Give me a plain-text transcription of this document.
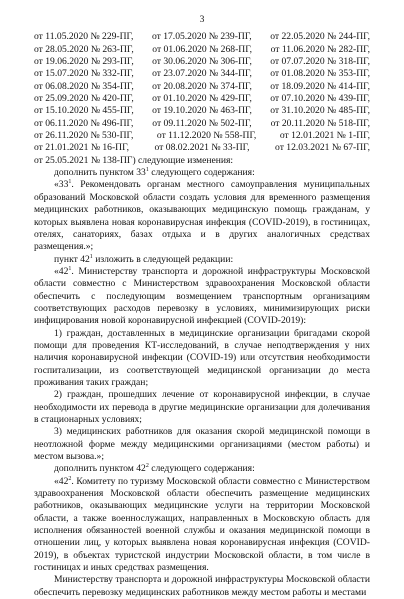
3
от 11.05.2020 № 229-ПГ, от 17.05.2020 № 239-ПГ, от 22.05.2020 № 244-ПГ,
от 28.05.2020 № 263-ПГ, от 01.06.2020 № 268-ПГ, от 11.06.2020 № 282-ПГ,
от 19.06.2020 № 293-ПГ, от 30.06.2020 № 306-ПГ, от 07.07.2020 № 318-ПГ,
от 15.07.2020 № 332-ПГ, от 23.07.2020 № 344-ПГ, от 01.08.2020 № 353-ПГ,
от 06.08.2020 № 354-ПГ, от 20.08.2020 № 374-ПГ, от 18.09.2020 № 414-ПГ,
от 25.09.2020 № 420-ПГ, от 01.10.2020 № 429-ПГ, от 07.10.2020 № 439-ПГ,
от 15.10.2020 № 455-ПГ, от 19.10.2020 № 463-ПГ, от 31.10.2020 № 485-ПГ,
от 06.11.2020 № 496-ПГ, от 09.11.2020 № 502-ПГ, от 20.11.2020 № 518-ПГ,
от 26.11.2020 № 530-ПГ, от 11.12.2020 № 558-ПГ, от 12.01.2021 № 1-ПГ,
от 21.01.2021 № 16-ПГ,	от 08.02.2021 № 33-ПГ,	от 12.03.2021 № 67-ПГ,
от 25.05.2021 № 138-ПГ) следующие изменения:

дополнить пунктом $33^1$ следующего содержания:

«$33^1$. Рекомендовать органам местного самоуправления муниципальных образований Московской области создать условия для временного размещения медицинских работников, оказывающих медицинскую помощь гражданам, у которых выявлена новая коронавирусная инфекция (COVID-2019), в гостиницах, отелях, санаториях, базах отдыха и в других аналогичных средствах размещения.»;

пункт $42^1$ изложить в следующей редакции:

«$42^1$. Министерству транспорта и дорожной инфраструктуры Московской области совместно с Министерством здравоохранения Московской области обеспечить с последующим возмещением транспортным организациям соответствующих расходов перевозку в условиях, минимизирующих риски инфицирования новой коронавирусной инфекцией (COVID-2019):

1) граждан, доставленных в медицинские организации бригадами скорой помощи для проведения КТ-исследований, в случае неподтверждения у них наличия коронавирусной инфекции (COVID-19) или отсутствия необходимости госпитализации, из соответствующей медицинской организации до места проживания таких граждан;

2) граждан, прошедших лечение от коронавирусной инфекции, в случае необходимости их перевода в другие медицинские организации для долечивания в стационарных условиях;

3) медицинских работников для оказания скорой медицинской помощи в неотложной форме между медицинскими организациями (местом работы) и местом вызова.»;

дополнить пунктом $42^2$ следующего содержания:

«$42^2$. Комитету по туризму Московской области совместно с Министерством здравоохранения Московской области обеспечить размещение медицинских работников, оказывающих медицинские услуги на территории Московской области, а также военнослужащих, направленных в Московскую область для исполнения обязанностей военной службы и оказания медицинской помощи в отношении лиц, у которых выявлена новая коронавирусная инфекция (COVID-2019), в объектах туристской индустрии Московской области, в том числе в гостиницах и иных средствах размещения.

Министерству транспорта и дорожной инфраструктуры Московской области обеспечить перевозку медицинских работников между местом работы и местами
